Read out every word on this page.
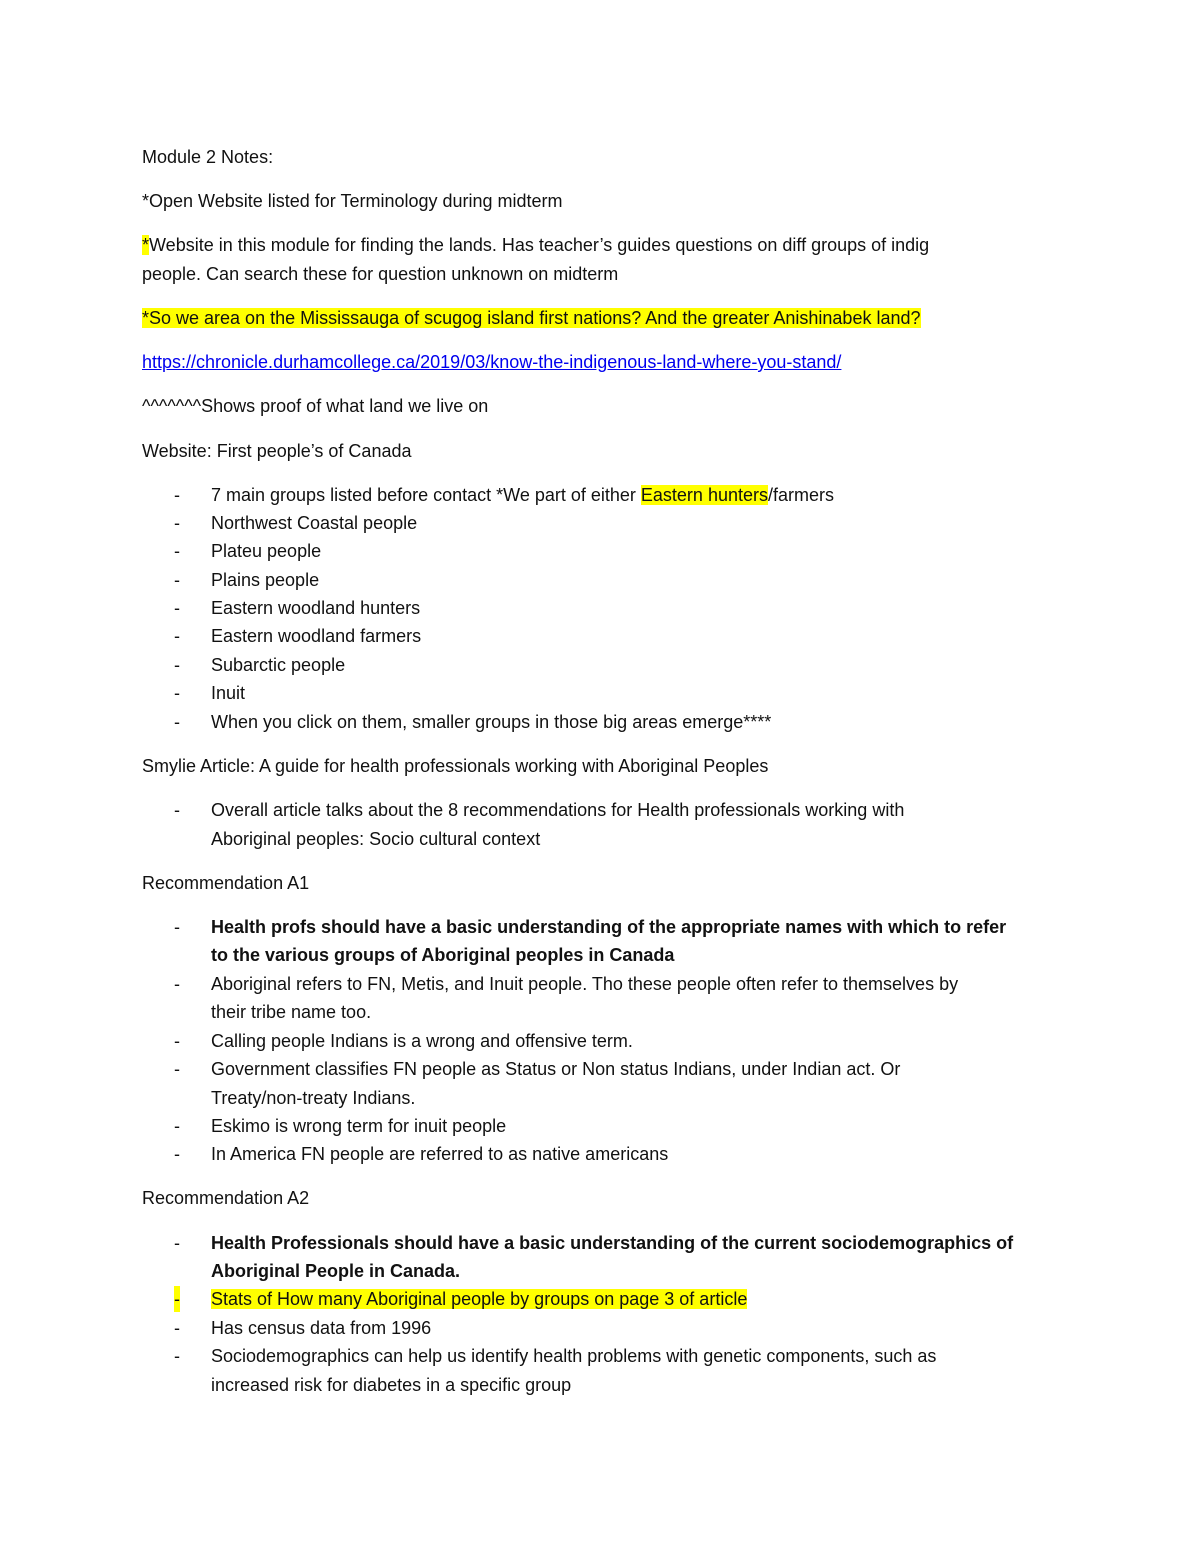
Module 2 Notes:
*Open Website listed for Terminology during midterm
*Website in this module for finding the lands. Has teacher’s guides questions on diff groups of indig
people. Can search these for question unknown on midterm
*So we area on the Mississauga of scugog island first nations? And the greater Anishinabek land?
https://chronicle.durhamcollege.ca/2019/03/know-the-indigenous-land-where-you-stand/
^^^^^^^Shows proof of what land we live on
Website: First people’s of Canada
- 7 main groups listed before contact *We part of either Eastern hunters/farmers
- Northwest Coastal people
- Plateu people
- Plains people
- Eastern woodland hunters
- Eastern woodland farmers
- Subarctic people
- Inuit
- When you click on them, smaller groups in those big areas emerge****
Smylie Article: A guide for health professionals working with Aboriginal Peoples
- Overall article talks about the 8 recommendations for Health professionals working with
Aboriginal peoples: Socio cultural context
Recommendation A1
- Health profs should have a basic understanding of the appropriate names with which to refer
to the various groups of Aboriginal peoples in Canada
- Aboriginal refers to FN, Metis, and Inuit people. Tho these people often refer to themselves by
their tribe name too.
- Calling people Indians is a wrong and offensive term.
- Government classifies FN people as Status or Non status Indians, under Indian act. Or
Treaty/non-treaty Indians.
- Eskimo is wrong term for inuit people
- In America FN people are referred to as native americans
Recommendation A2
- Health Professionals should have a basic understanding of the current sociodemographics of
Aboriginal People in Canada.
- Stats of How many Aboriginal people by groups on page 3 of article
- Has census data from 1996
- Sociodemographics can help us identify health problems with genetic components, such as
increased risk for diabetes in a specific group
